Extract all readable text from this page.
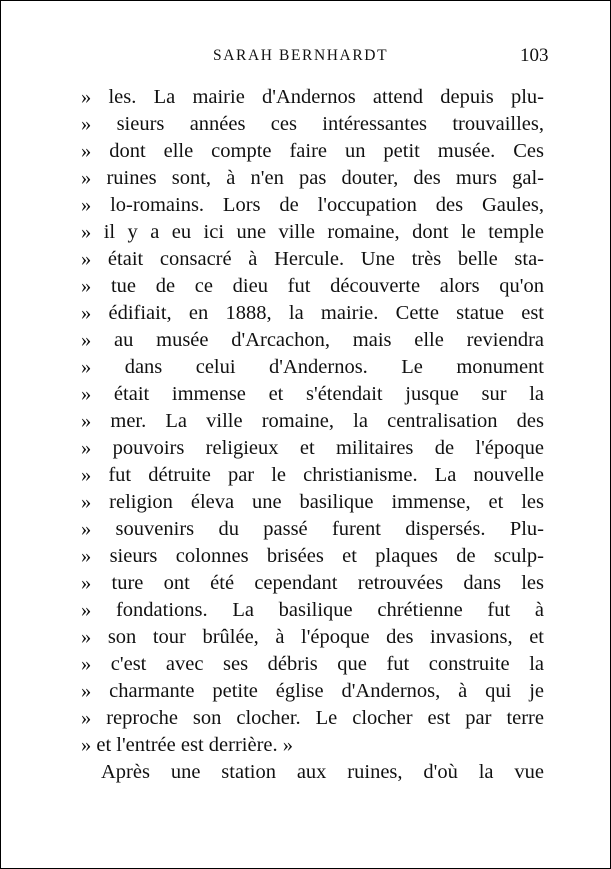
SARAH BERNHARDT	103
» les. La mairie d'Andernos attend depuis plu-
» sieurs années ces intéressantes trouvailles,
» dont elle compte faire un petit musée. Ces
» ruines sont, à n'en pas douter, des murs gal-
» lo-romains. Lors de l'occupation des Gaules,
» il y a eu ici une ville romaine, dont le temple
» était consacré à Hercule. Une très belle sta-
» tue de ce dieu fut découverte alors qu'on
» édifiait, en 1888, la mairie. Cette statue est
» au musée d'Arcachon, mais elle reviendra
» dans celui d'Andernos. Le monument
» était immense et s'étendait jusque sur la
» mer. La ville romaine, la centralisation des
» pouvoirs religieux et militaires de l'époque
» fut détruite par le christianisme. La nouvelle
» religion éleva une basilique immense, et les
» souvenirs du passé furent dispersés. Plu-
» sieurs colonnes brisées et plaques de sculp-
» ture ont été cependant retrouvées dans les
» fondations. La basilique chrétienne fut à
» son tour brûlée, à l'époque des invasions, et
» c'est avec ses débris que fut construite la
» charmante petite église d'Andernos, à qui je
» reproche son clocher. Le clocher est par terre
» et l'entrée est derrière. »
Après une station aux ruines, d'où la vue
